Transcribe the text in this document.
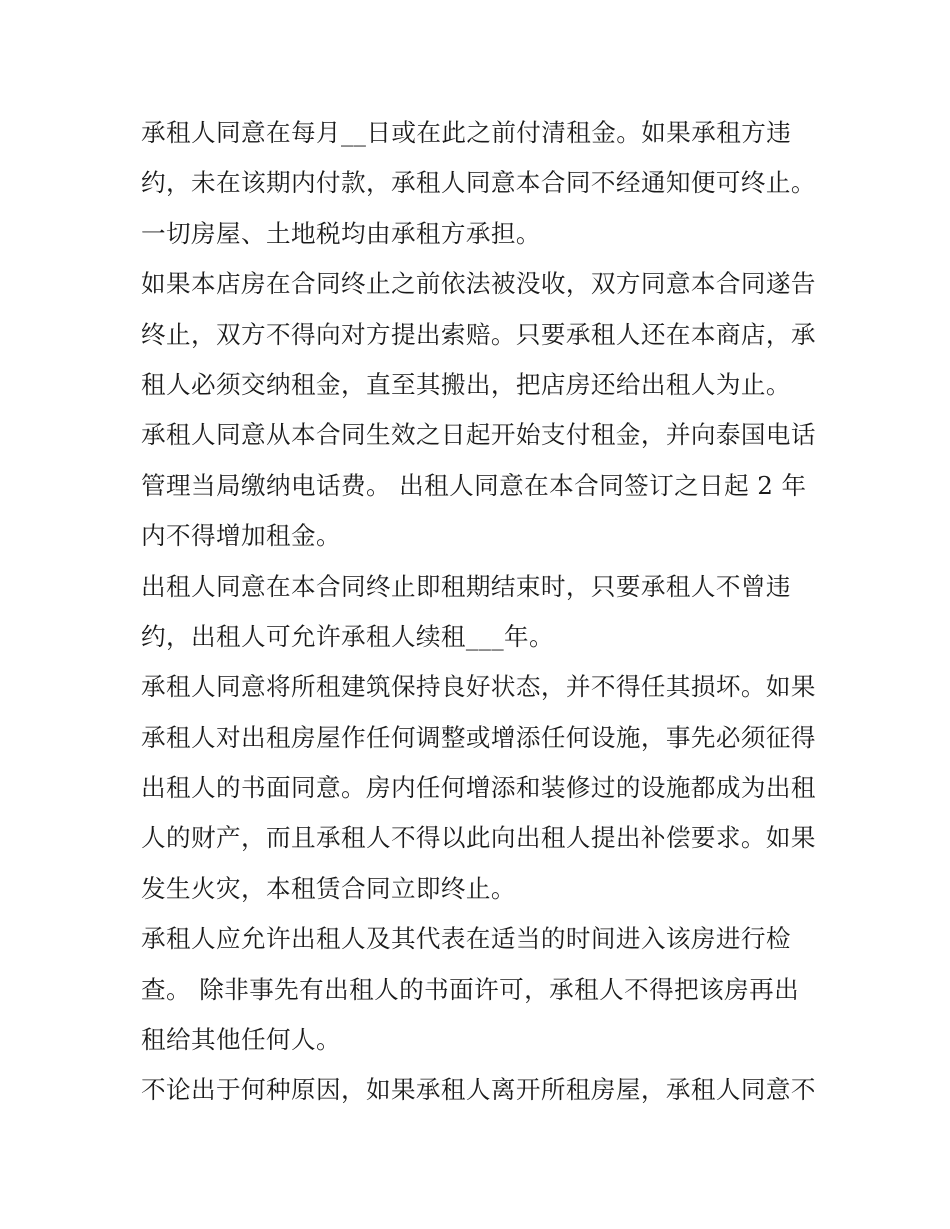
承租人同意在每月__日或在此之前付清租金。如果承租方违
约，未在该期内付款，承租人同意本合同不经通知便可终止。
一切房屋、土地税均由承租方承担。
如果本店房在合同终止之前依法被没收，双方同意本合同遂告
终止，双方不得向对方提出索赔。只要承租人还在本商店，承
租人必须交纳租金，直至其搬出，把店房还给出租人为止。
承租人同意从本合同生效之日起开始支付租金，并向泰国电话
管理当局缴纳电话费。 出租人同意在本合同签订之日起 2 年
内不得增加租金。
出租人同意在本合同终止即租期结束时，只要承租人不曾违
约，出租人可允许承租人续租___年。
承租人同意将所租建筑保持良好状态，并不得任其损坏。如果
承租人对出租房屋作任何调整或增添任何设施，事先必须征得
出租人的书面同意。房内任何增添和装修过的设施都成为出租
人的财产，而且承租人不得以此向出租人提出补偿要求。如果
发生火灾，本租赁合同立即终止。
承租人应允许出租人及其代表在适当的时间进入该房进行检
查。 除非事先有出租人的书面许可，承租人不得把该房再出
租给其他任何人。
不论出于何种原因，如果承租人离开所租房屋，承租人同意不
